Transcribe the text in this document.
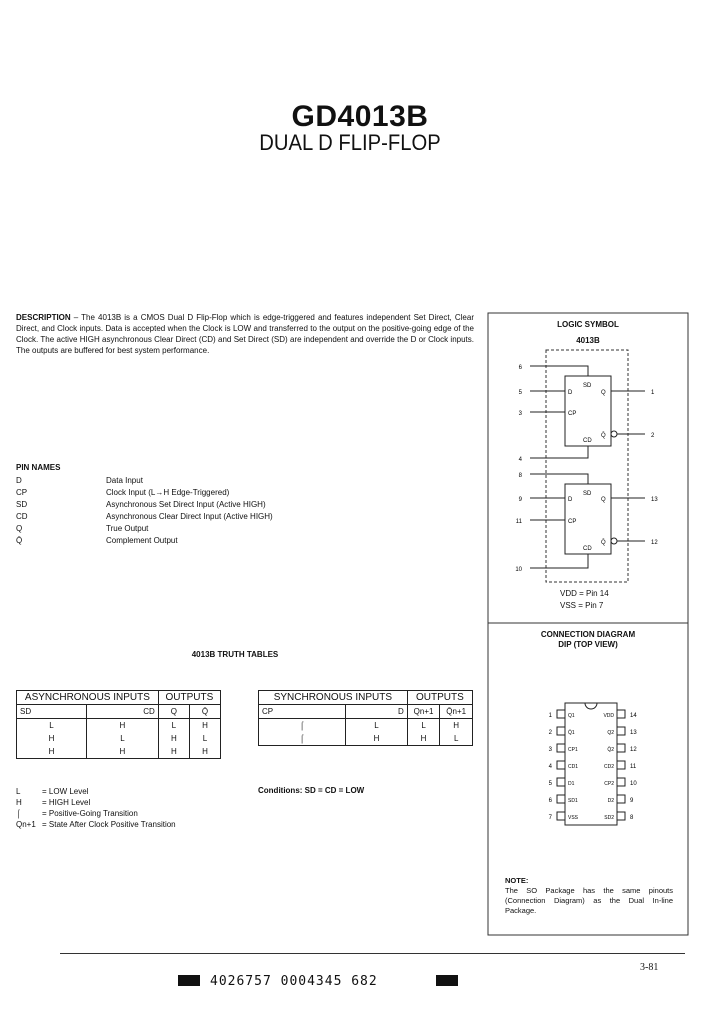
GD4013B
DUAL D FLIP-FLOP
DESCRIPTION – The 4013B is a CMOS Dual D Flip-Flop which is edge-triggered and features independent Set Direct, Clear Direct, and Clock inputs. Data is accepted when the Clock is LOW and transferred to the output on the positive-going edge of the Clock. The active HIGH asynchronous Clear Direct (CD) and Set Direct (SD) are independent and override the D or Clock inputs. The outputs are buffered for best system performance.
PIN NAMES
D	Data Input
CP	Clock Input (L→H Edge-Triggered)
SD	Asynchronous Set Direct Input (Active HIGH)
CD	Asynchronous Clear Direct Input (Active HIGH)
Q	True Output
Q̄	Complement Output
4013B TRUTH TABLES
ASYNCHRONOUS INPUTS		OUTPUTS	
SD	CD	Q	Q̄
L	H	L	H
H	L	H	L
H	H	H	H
SYNCHRONOUS INPUTS		OUTPUTS	
CP	D	Qn+1	Q̄n+1
⌠	L	L	H
⌠	H	H	L
L	= LOW Level
H	= HIGH Level
⌠	= Positive-Going Transition
Qn+1 = State After Clock Positive Transition
Conditions: SD = CD = LOW
6
5
3
4
8
9
11
10
1
2
13
12
SD
D
CP
CD
Q
Q̄
SD
D
CP
CD
Q
Q̄
1	Q1
2	Q̄1
3	CP1
4	CD1
5	D1
6	SD1
7	VSS
14
VDD
13
Q2
12
Q̄2
11
CD2
10
CP2
9
D2
8
SD2
LOGIC SYMBOL
4013B
VDD = Pin 14
VSS = Pin 7
CONNECTION DIAGRAM
DIP (TOP VIEW)
NOTE:
The SO Package has the same pinouts (Connection Diagram) as the Dual In-line Package.
3-81
4026757 0004345 682
